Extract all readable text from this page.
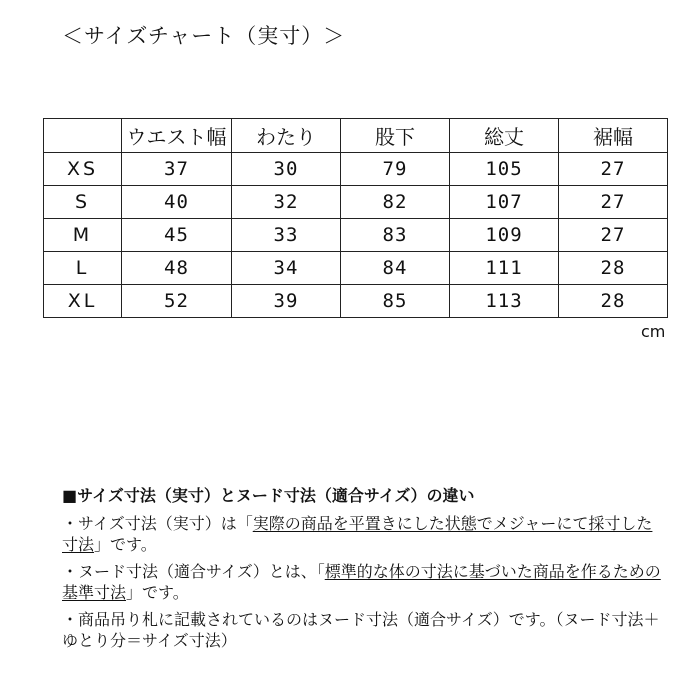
＜サイズチャート（実寸）＞
	ウエスト幅	わたり	股下	総丈	裾幅
XS	37	30	79	105	27
S	40	32	82	107	27
M	45	33	83	109	27
L	48	34	84	111	28
XL	52	39	85	113	28
cm
■サイズ寸法（実寸）とヌード寸法（適合サイズ）の違い
・サイズ寸法（実寸）は「実際の商品を平置きにした状態でメジャーにて採寸した寸法」です。
・ヌード寸法（適合サイズ）とは、「標準的な体の寸法に基づいた商品を作るための基準寸法」です。
・商品吊り札に記載されているのはヌード寸法（適合サイズ）です。（ヌード寸法＋ゆとり分＝サイズ寸法）
